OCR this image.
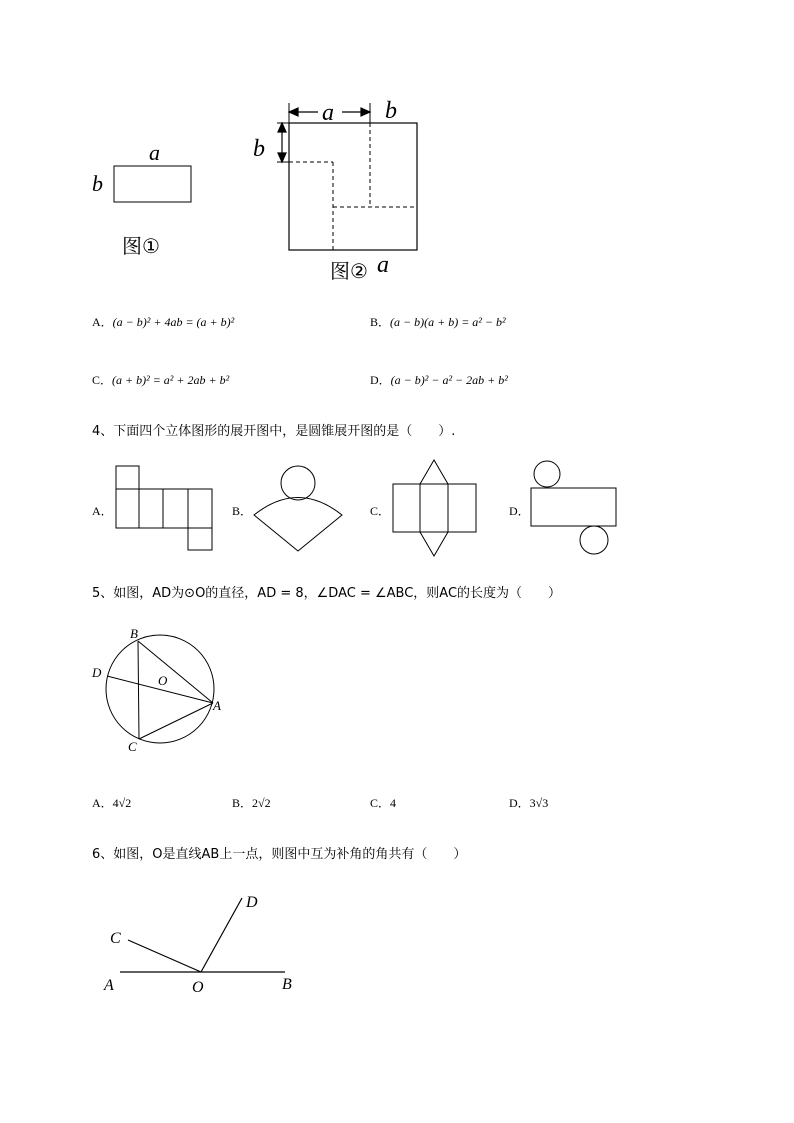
a
b
图①
a b
b
图② a
A．(a − b)² + 4ab = (a + b)²	B．(a − b)(a + b) = a² − b²
C．(a + b)² = a² + 2ab + b²	D．(a − b)² − a² − 2ab + b²
4、下面四个立体图形的展开图中，是圆锥展开图的是（　　）.
A．	B．	C．	D．
5、如图，AD为⊙O的直径，AD = 8，∠DAC = ∠ABC，则AC的长度为（　　）
B
D
O
A
C
A．4√2	B．2√2	C．4	D．3√3
6、如图，O是直线AB上一点，则图中互为补角的角共有（　　）
A	O	B
C
D
